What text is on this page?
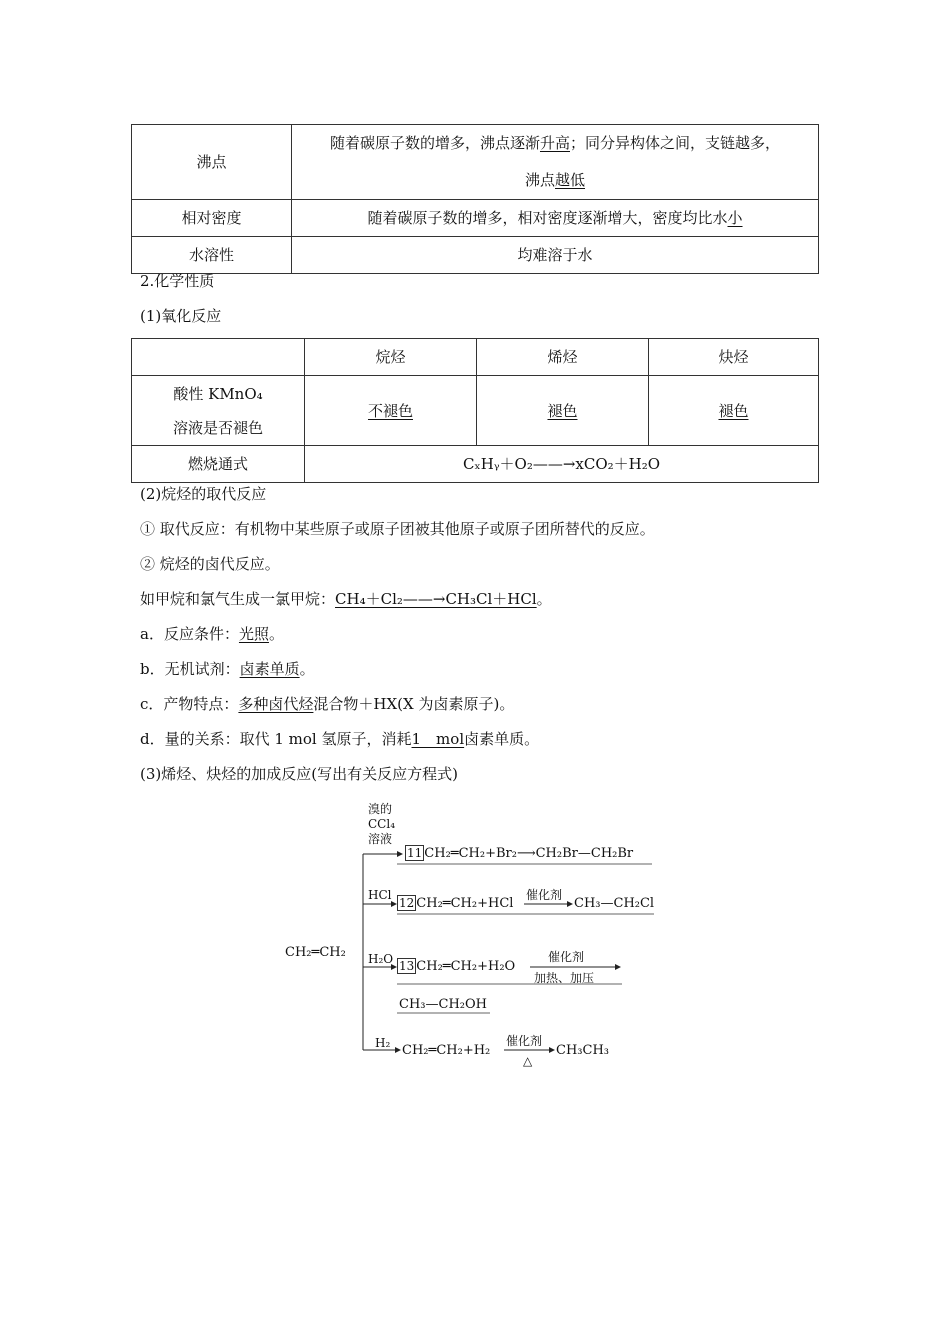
沸点	随着碳原子数的增多，沸点逐渐升高；同分异构体之间，支链越多，
沸点越低
相对密度	随着碳原子数的增多，相对密度逐渐增大，密度均比水小
水溶性	均难溶于水
2.化学性质
(1)氧化反应
	烷烃	烯烃	炔烃
酸性 KMnO₄
溶液是否褪色	不褪色	褪色	褪色
燃烧通式	CₓHᵧ＋O₂——→xCO₂＋H₂O		
(2)烷烃的取代反应
① 取代反应：有机物中某些原子或原子团被其他原子或原子团所替代的反应。
② 烷烃的卤代反应。
如甲烷和氯气生成一氯甲烷：CH₄＋Cl₂——→CH₃Cl＋HCl。
a．反应条件：光照。
b．无机试剂：卤素单质。
c．产物特点：多种卤代烃混合物＋HX(X 为卤素原子)。
d．量的关系：取代 1 mol 氢原子，消耗1　mol卤素单质。
(3)烯烃、炔烃的加成反应(写出有关反应方程式)
CH₂═CH₂
溴的
CCl₄
溶液
11 CH₂═CH₂+Br₂⟶CH₂Br—CH₂Br
HCl
12 CH₂═CH₂+HCl
催化剂
CH₃—CH₂Cl
H₂O 13 CH₂═CH₂+H₂O
催化剂
加热、加压
CH₃—CH₂OH
H₂ CH₂═CH₂+H₂
催化剂
△
CH₃CH₃
